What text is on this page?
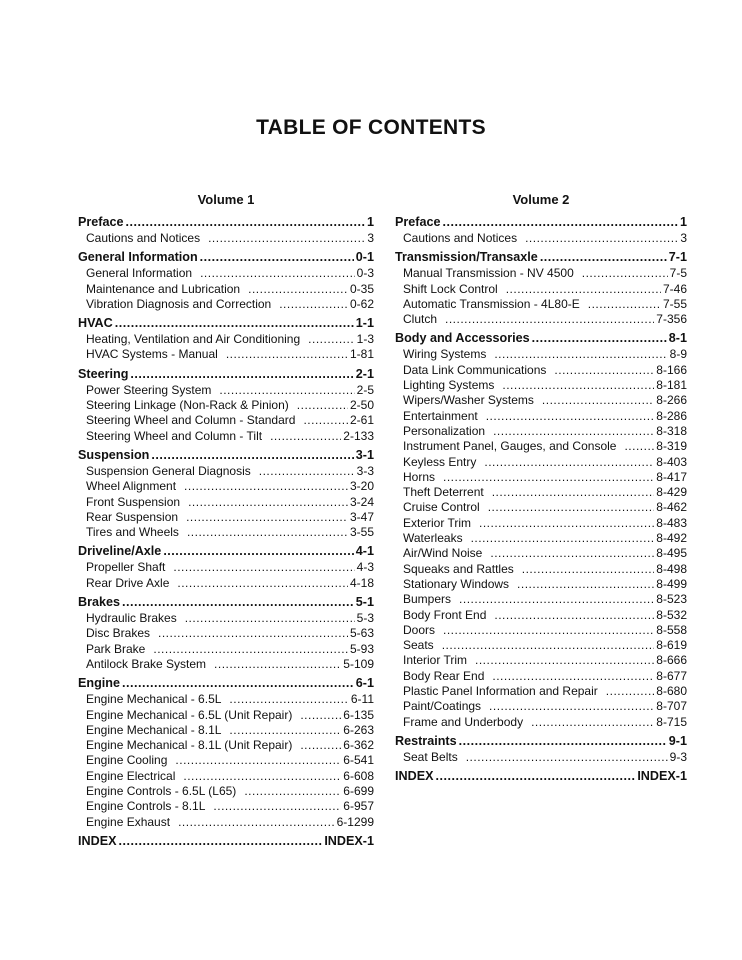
TABLE OF CONTENTS
Volume 1
Preface .....	1
Cautions and Notices .....	3
General Information .....	0-1
General Information .....	0-3
Maintenance and Lubrication .....	0-35
Vibration Diagnosis and Correction .....	0-62
HVAC .....	1-1
Heating, Ventilation and Air Conditioning .....	1-3
HVAC Systems - Manual .....	1-81
Steering .....	2-1
Power Steering System .....	2-5
Steering Linkage (Non-Rack & Pinion) .....	2-50
Steering Wheel and Column - Standard .....	2-61
Steering Wheel and Column - Tilt .....	2-133
Suspension .....	3-1
Suspension General Diagnosis .....	3-3
Wheel Alignment .....	3-20
Front Suspension .....	3-24
Rear Suspension .....	3-47
Tires and Wheels .....	3-55
Driveline/Axle .....	4-1
Propeller Shaft .....	4-3
Rear Drive Axle .....	4-18
Brakes .....	5-1
Hydraulic Brakes .....	5-3
Disc Brakes .....	5-63
Park Brake .....	5-93
Antilock Brake System .....	5-109
Engine .....	6-1
Engine Mechanical - 6.5L .....	6-11
Engine Mechanical - 6.5L (Unit Repair) .....	6-135
Engine Mechanical - 8.1L .....	6-263
Engine Mechanical - 8.1L (Unit Repair) .....	6-362
Engine Cooling .....	6-541
Engine Electrical .....	6-608
Engine Controls - 6.5L (L65) .....	6-699
Engine Controls - 8.1L .....	6-957
Engine Exhaust .....	6-1299
INDEX .....	INDEX-1
Volume 2
Preface .....	1
Cautions and Notices .....	3
Transmission/Transaxle .....	7-1
Manual Transmission - NV 4500 .....	7-5
Shift Lock Control .....	7-46
Automatic Transmission - 4L80-E .....	7-55
Clutch .....	7-356
Body and Accessories .....	8-1
Wiring Systems .....	8-9
Data Link Communications .....	8-166
Lighting Systems .....	8-181
Wipers/Washer Systems .....	8-266
Entertainment .....	8-286
Personalization .....	8-318
Instrument Panel, Gauges, and Console .....	8-319
Keyless Entry .....	8-403
Horns .....	8-417
Theft Deterrent .....	8-429
Cruise Control .....	8-462
Exterior Trim .....	8-483
Waterleaks .....	8-492
Air/Wind Noise .....	8-495
Squeaks and Rattles .....	8-498
Stationary Windows .....	8-499
Bumpers .....	8-523
Body Front End .....	8-532
Doors .....	8-558
Seats .....	8-619
Interior Trim .....	8-666
Body Rear End .....	8-677
Plastic Panel Information and Repair .....	8-680
Paint/Coatings .....	8-707
Frame and Underbody .....	8-715
Restraints .....	9-1
Seat Belts .....	9-3
INDEX .....	INDEX-1
